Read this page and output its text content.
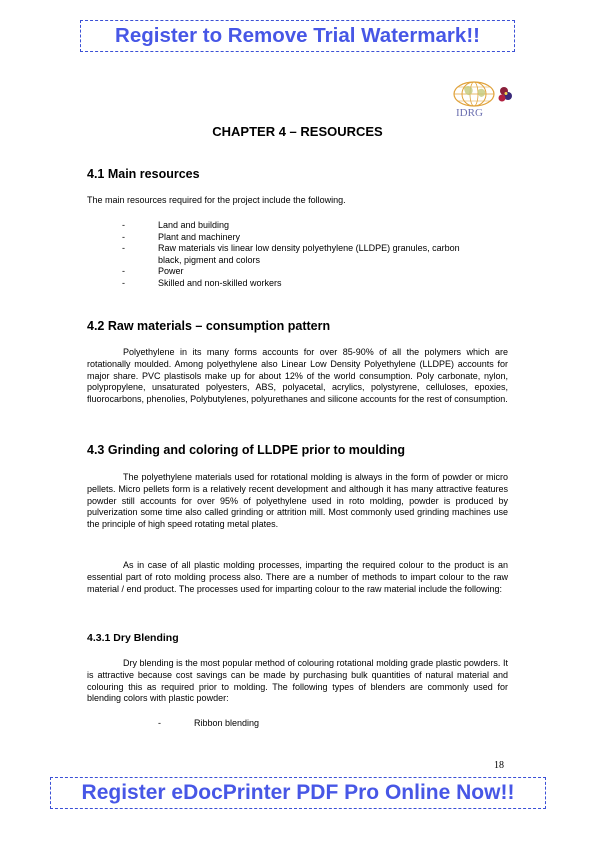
Register to Remove Trial Watermark!!
IDRG
CHAPTER 4 – RESOURCES
4.1 Main resources

The main resources required for the project include the following.

-	Land and building
-	Plant and machinery
-	Raw materials vis linear low density polyethylene (LLDPE) granules, carbon black, pigment and colors
-	Power
-	Skilled and non-skilled workers
4.2 Raw materials – consumption pattern

Polyethylene in its many forms accounts for over 85-90% of all the polymers which are rotationally moulded. Among polyethylene also Linear Low Density Polyethylene (LLDPE) accounts for major share. PVC plastisols make up for about 12% of the world consumption. Poly carbonate, nylon, polypropylene, unsaturated polyesters, ABS, polyacetal, acrylics, polystyrene, celluloses, epoxies, fluorocarbons, phenolies, Polybutylenes, polyurethanes and silicone accounts for the rest of consumption.

4.3 Grinding and coloring of LLDPE prior to moulding

The polyethylene materials used for rotational molding is always in the form of powder or micro pellets. Micro pellets form is a relatively recent development and although it has many attractive features powder still accounts for over 95% of polyethylene used in roto molding, powder is produced by pulverization some time also called grinding or attrition mill. Most commonly used grinding machines use the principle of high speed rotating metal plates.

As in case of all plastic molding processes, imparting the required colour to the product is an essential part of roto molding process also. There are a number of methods to impart colour to the raw material / end product. The processes used for imparting colour to the raw material include the following:

4.3.1 Dry Blending

Dry blending is the most popular method of colouring rotational molding grade plastic powders. It is attractive because cost savings can be made by purchasing bulk quantities of natural material and colouring this as required prior to molding. The following types of blenders are commonly used for blending colors with plastic powder:

-	Ribbon blending
18
Register eDocPrinter PDF Pro Online Now!!
